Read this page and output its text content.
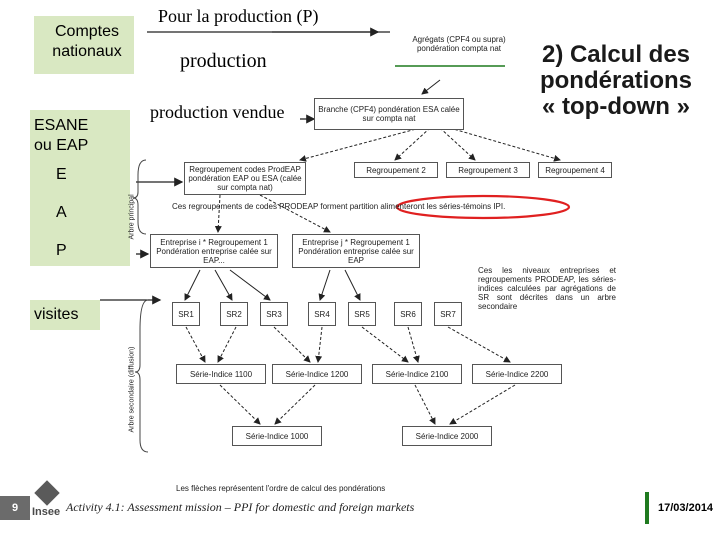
Comptes nationaux
ESANE ou EAP
E
A
P
visites
Pour la production (P)
production
production vendue
2) Calcul des
pondérations
« top-down »
Agrégats (CPF4 ou supra) pondération compta nat
Branche (CPF4) pondération ESA calée sur compta nat
Regroupement codes ProdEAP pondération EAP ou ESA (calée sur compta nat)
Regroupement 2	Regroupement 3	Regroupement 4
Ces regroupements de codes PRODEAP forment partition alimenteront les séries-témoins IPI.
Entreprise i * Regroupement 1 Pondération entreprise calée sur EAP...
Entreprise j * Regroupement 1 Pondération entreprise calée sur EAP
Ces les niveaux entreprises et regroupements PRODEAP, les séries-indices calculées par agrégations de SR sont décrites dans un arbre secondaire
Arbre principal
Arbre secondaire (diffusion)
SR1	SR2	SR3	SR4	SR5	SR6	SR7
Série-Indice 1100	Série-Indice 1200	Série-Indice 2100	Série-Indice 2200
Série-Indice 1000	Série-Indice 2000
Les flèches représentent l'ordre de calcul des pondérations
9	Insee Activity 4.1: Assessment mission – PPI for domestic and foreign markets	17/03/2014
